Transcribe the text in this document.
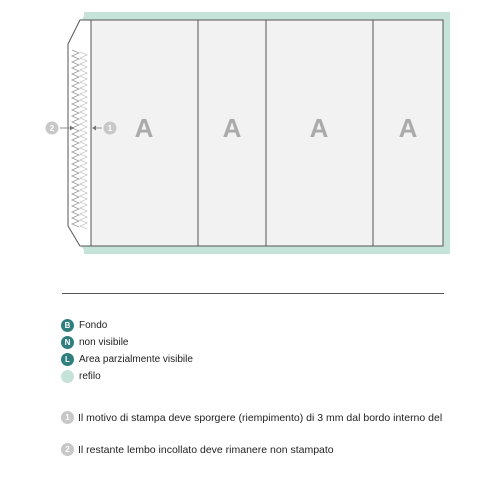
A	A	A	A
2	1
B Fondo
N non visibile
L Area parzialmente visibile
refilo
1 Il motivo di stampa deve sporgere (riempimento) di 3 mm dal bordo interno del
2 Il restante lembo incollato deve rimanere non stampato
